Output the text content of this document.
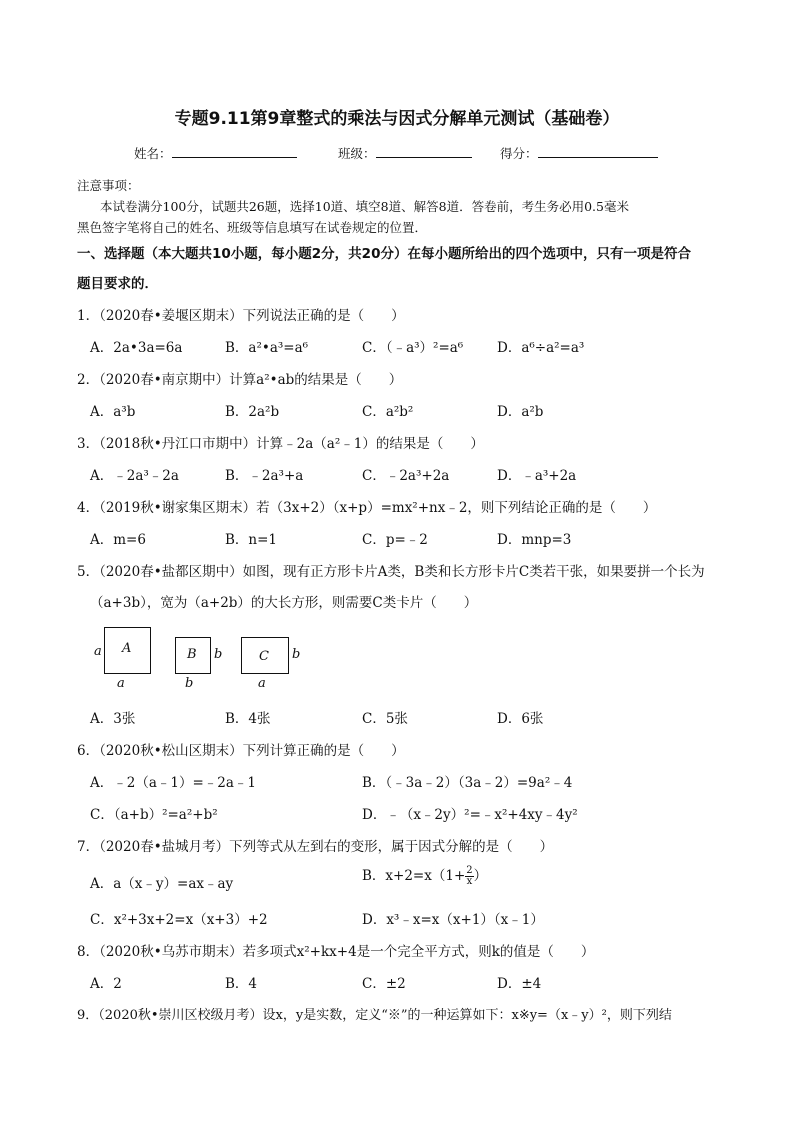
专题9.11第9章整式的乘法与因式分解单元测试（基础卷）
姓名：	班级：	得分：
注意事项：
本试卷满分100分，试题共26题，选择10道、填空8道、解答8道．答卷前，考生务必用0.5毫米
黑色签字笔将自己的姓名、班级等信息填写在试卷规定的位置．
一、选择题（本大题共10小题，每小题2分，共20分）在每小题所给出的四个选项中，只有一项是符合
题目要求的．
1．（2020春•姜堰区期末）下列说法正确的是（　　）
A．2a•3a=6a	B．a²•a³=a⁶	C．（﹣a³）²=a⁶	D．a⁶÷a²=a³
2．（2020春•南京期中）计算a²•ab的结果是（　　）
A．a³b	B．2a²b	C．a²b²	D．a²b
3．（2018秋•丹江口市期中）计算﹣2a（a²﹣1）的结果是（　　）
A．﹣2a³﹣2a	B．﹣2a³+a	C．﹣2a³+2a	D．﹣a³+2a
4．（2019秋•谢家集区期末）若（3x+2）（x+p）=mx²+nx﹣2，则下列结论正确的是（　　）
A．m=6	B．n=1	C．p=﹣2	D．mnp=3
5．（2020春•盐都区期中）如图，现有正方形卡片A类，B类和长方形卡片C类若干张，如果要拼一个长为
（a+3b），宽为（a+2b）的大长方形，则需要C类卡片（　　）
a A
a
B b
b
C b
a
A．3张	B．4张	C．5张	D．6张
6．（2020秋•松山区期末）下列计算正确的是（　　）
A．﹣2（a﹣1）=﹣2a﹣1	B．（﹣3a﹣2）（3a﹣2）=9a²﹣4
C．（a+b）²=a²+b²	D．﹣（x﹣2y）²=﹣x²+4xy﹣4y²
7．（2020春•盐城月考）下列等式从左到右的变形，属于因式分解的是（　　）
A．a（x﹣y）=ax﹣ay	B．$x+2=x(1+ \frac{2}{x}$ ）
C．x²+3x+2=x（x+3）+2	D．x³﹣x=x（x+1）（x﹣1）
8．（2020秋•乌苏市期末）若多项式x²+kx+4是一个完全平方式，则k的值是（　　）
A．2	B．4	C．±2	D．±4
9．（2020秋•崇川区校级月考）设x，y是实数，定义“※”的一种运算如下：x※y=（x﹣y）²，则下列结
